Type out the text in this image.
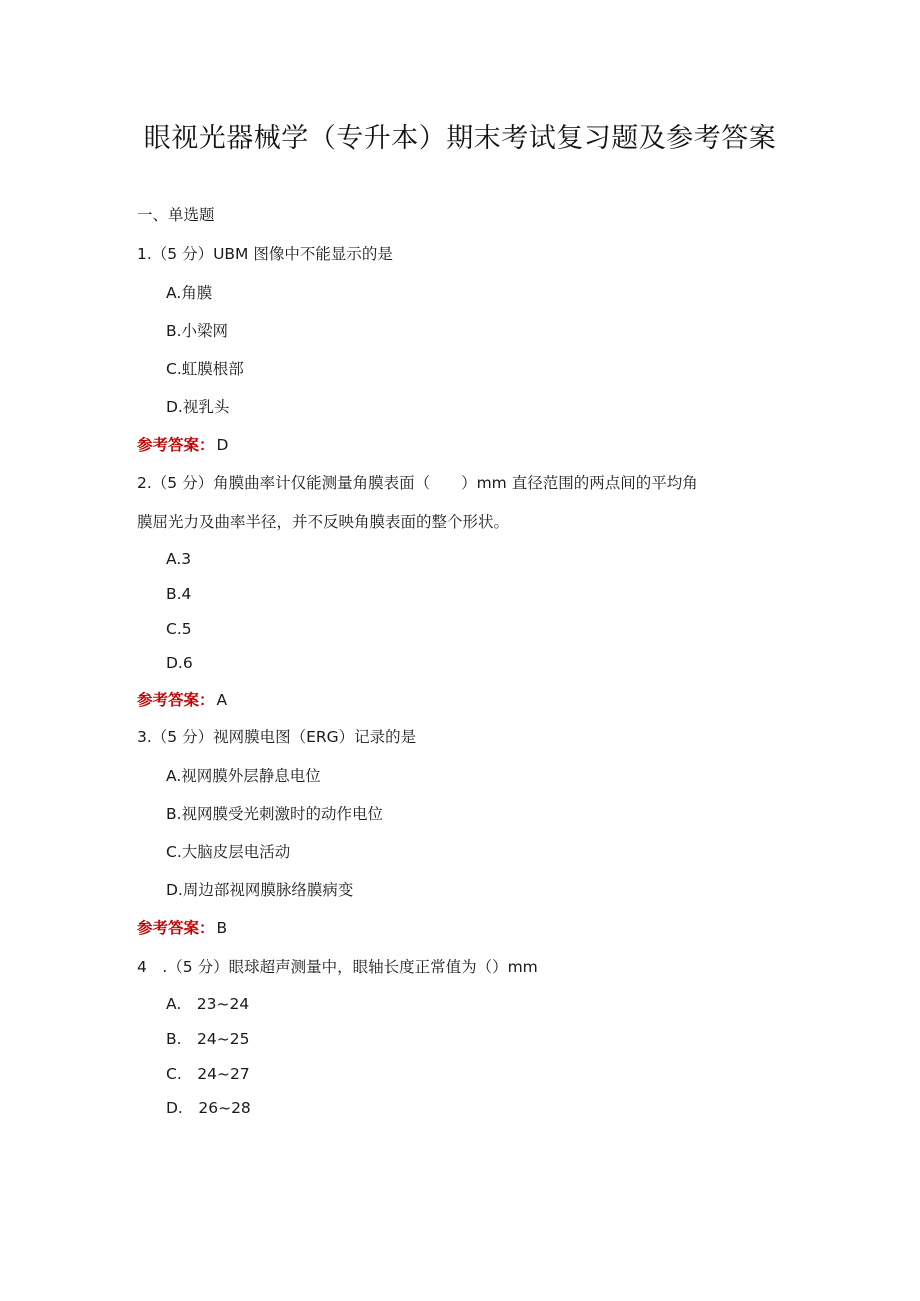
眼视光器械学（专升本）期末考试复习题及参考答案
一、单选题
1.（5 分）UBM 图像中不能显示的是
A.角膜
B.小梁网
C.虹膜根部
D.视乳头
参考答案： D
2.（5 分）角膜曲率计仅能测量角膜表面（　　）mm 直径范围的两点间的平均角
膜屈光力及曲率半径，并不反映角膜表面的整个形状。
A.3
B.4
C.5
D.6
参考答案： A
3.（5 分）视网膜电图（ERG）记录的是
A.视网膜外层静息电位
B.视网膜受光刺激时的动作电位
C.大脑皮层电活动
D.周边部视网膜脉络膜病变
参考答案： B
4　.（5 分）眼球超声测量中，眼轴长度正常值为（）mm
A.　23~24
B.　24~25
C.　24~27
D.　26~28
